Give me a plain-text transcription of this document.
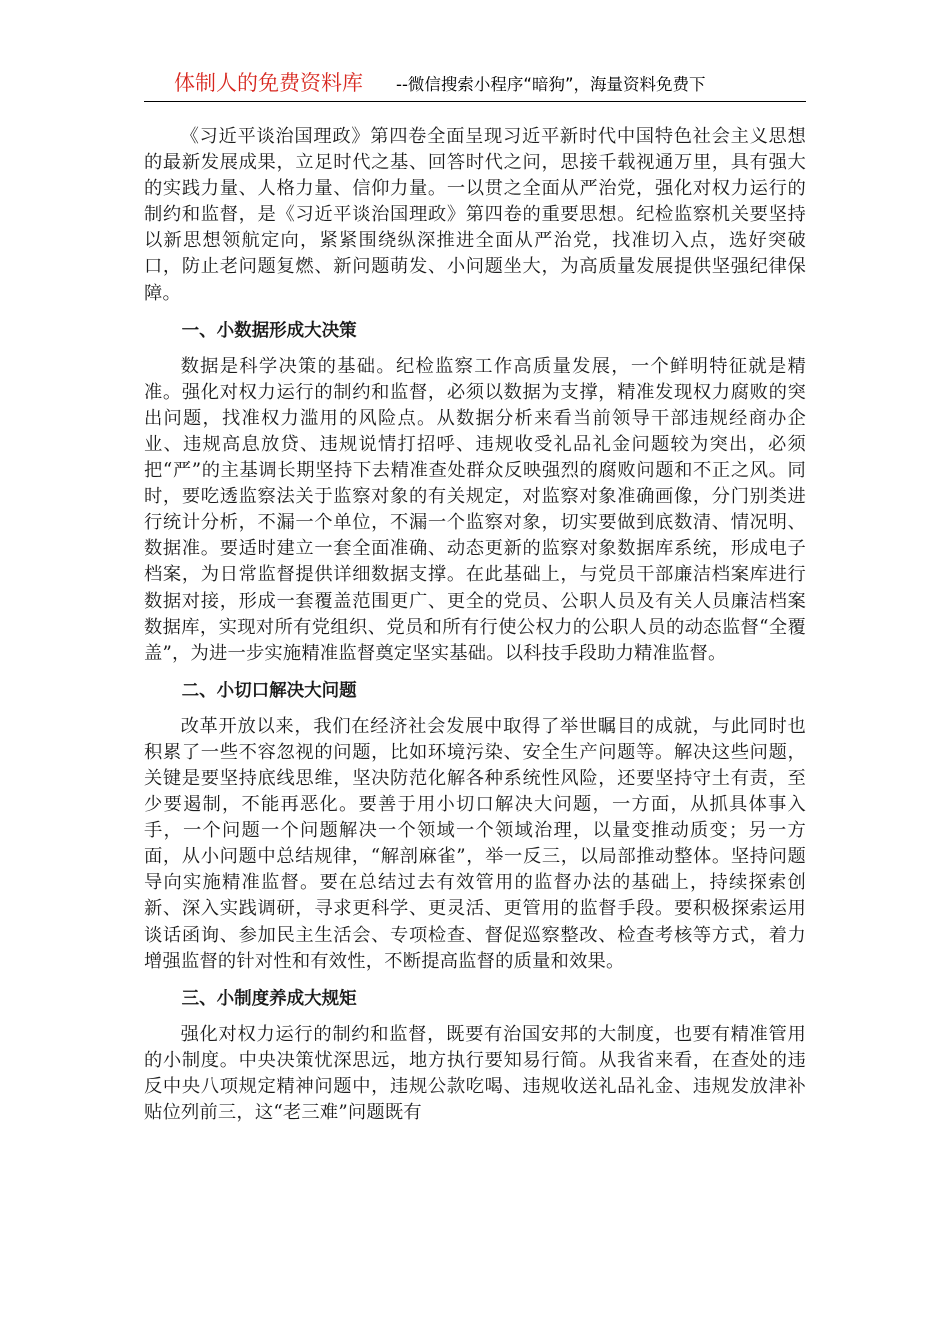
体制人的免费资料库 --微信搜索小程序“暗狗”，海量资料免费下

《习近平谈治国理政》第四卷全面呈现习近平新时代中国特色社会主义思想的最新发展成果，立足时代之基、回答时代之问，思接千载视通万里，具有强大的实践力量、人格力量、信仰力量。一以贯之全面从严治党，强化对权力运行的制约和监督，是《习近平谈治国理政》第四卷的重要思想。纪检监察机关要坚持以新思想领航定向，紧紧围绕纵深推进全面从严治党，找准切入点，选好突破口，防止老问题复燃、新问题萌发、小问题坐大，为高质量发展提供坚强纪律保障。

一、小数据形成大决策

数据是科学决策的基础。纪检监察工作高质量发展，一个鲜明特征就是精准。强化对权力运行的制约和监督，必须以数据为支撑，精准发现权力腐败的突出问题，找准权力滥用的风险点。从数据分析来看当前领导干部违规经商办企业、违规高息放贷、违规说情打招呼、违规收受礼品礼金问题较为突出，必须把“严”的主基调长期坚持下去精准查处群众反映强烈的腐败问题和不正之风。同时，要吃透监察法关于监察对象的有关规定，对监察对象准确画像，分门别类进行统计分析，不漏一个单位，不漏一个监察对象，切实要做到底数清、情况明、数据准。要适时建立一套全面准确、动态更新的监察对象数据库系统，形成电子档案，为日常监督提供详细数据支撑。在此基础上，与党员干部廉洁档案库进行数据对接，形成一套覆盖范围更广、更全的党员、公职人员及有关人员廉洁档案数据库，实现对所有党组织、党员和所有行使公权力的公职人员的动态监督“全覆盖”，为进一步实施精准监督奠定坚实基础。以科技手段助力精准监督。

二、小切口解决大问题

改革开放以来，我们在经济社会发展中取得了举世瞩目的成就，与此同时也积累了一些不容忽视的问题，比如环境污染、安全生产问题等。解决这些问题，关键是要坚持底线思维，坚决防范化解各种系统性风险，还要坚持守土有责，至少要遏制，不能再恶化。要善于用小切口解决大问题，一方面，从抓具体事入手，一个问题一个问题解决一个领域一个领域治理，以量变推动质变；另一方面，从小问题中总结规律，“解剖麻雀”，举一反三，以局部推动整体。坚持问题导向实施精准监督。要在总结过去有效管用的监督办法的基础上，持续探索创新、深入实践调研，寻求更科学、更灵活、更管用的监督手段。要积极探索运用谈话函询、参加民主生活会、专项检查、督促巡察整改、检查考核等方式，着力增强监督的针对性和有效性，不断提高监督的质量和效果。

三、小制度养成大规矩

强化对权力运行的制约和监督，既要有治国安邦的大制度，也要有精准管用的小制度。中央决策忧深思远，地方执行要知易行简。从我省来看，在查处的违反中央八项规定精神问题中，违规公款吃喝、违规收送礼品礼金、违规发放津补贴位列前三，这“老三难”问题既有
